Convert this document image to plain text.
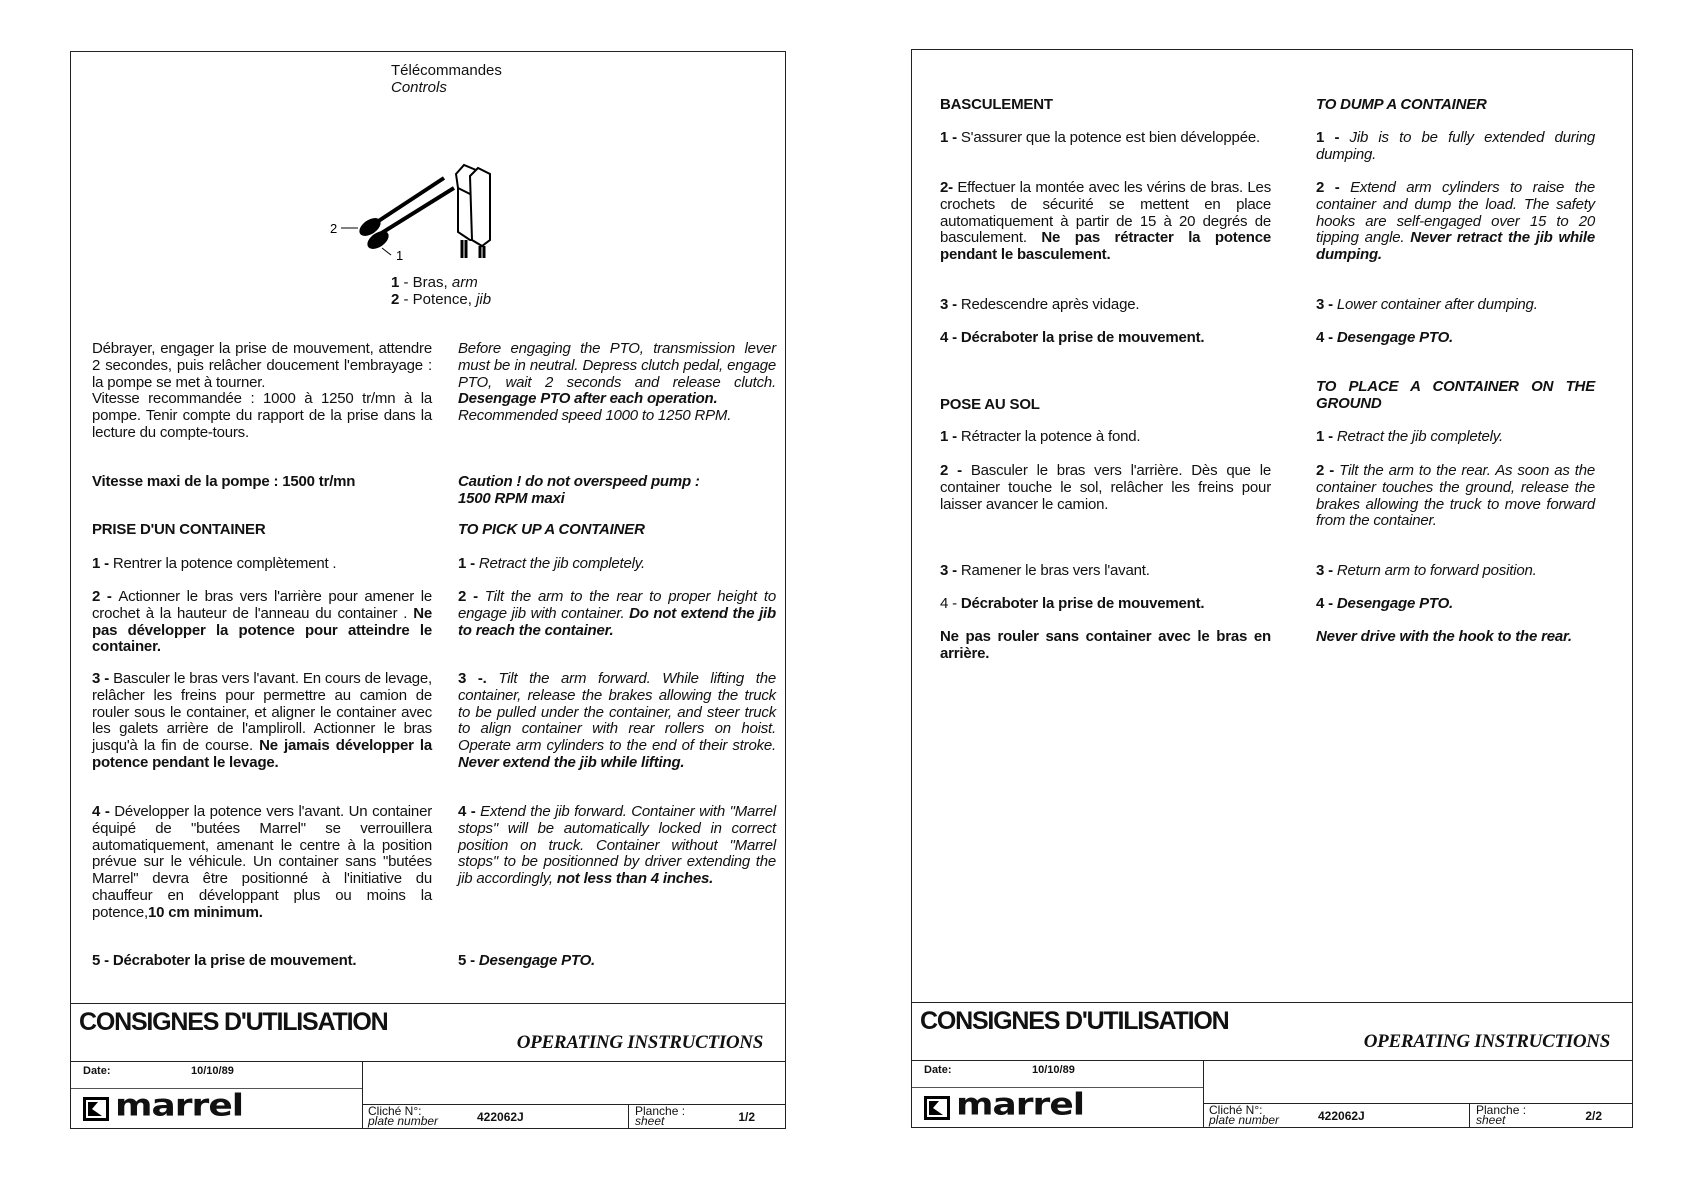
Télécommandes
Controls
1
2
1 - Bras, arm
2 - Potence, jib
Débrayer, engager la prise de mouvement, attendre 2 secondes, puis relâcher doucement l'embrayage : la pompe se met à tourner.
Vitesse recommandée : 1000 à 1250 tr/mn à la pompe. Tenir compte du rapport de la prise dans la lecture du compte-tours.
Before engaging the PTO, transmission lever must be in neutral. Depress clutch pedal, engage PTO, wait 2 seconds and release clutch. Desengage PTO after each operation.
Recommended speed 1000 to 1250 RPM.
Vitesse maxi de la pompe : 1500 tr/mn	Caution ! do not overspeed pump :
1500 RPM maxi
PRISE D'UN CONTAINER	TO PICK UP A CONTAINER
1 - Rentrer la potence complètement .	1 - Retract the jib completely.
2 - Actionner le bras vers l'arrière pour amener le crochet à la hauteur de l'anneau du container . Ne pas développer la potence pour atteindre le container.
2 - Tilt the arm to the rear to proper height to engage jib with container. Do not extend the jib to reach the container.
3 - Basculer le bras vers l'avant. En cours de levage, relâcher les freins pour permettre au camion de rouler sous le container, et aligner le container avec les galets arrière de l'ampliroll. Actionner le bras jusqu'à la fin de course. Ne jamais développer la potence pendant le levage.
3 -. Tilt the arm forward. While lifting the container, release the brakes allowing the truck to be pulled under the container, and steer truck to align container with rear rollers on hoist. Operate arm cylinders to the end of their stroke. Never extend the jib while lifting.
4 - Développer la potence vers l'avant. Un container équipé de "butées Marrel" se verrouillera automatiquement, amenant le centre à la position prévue sur le véhicule. Un container sans "butées Marrel" devra être positionné à l'initiative du chauffeur en développant plus ou moins la potence,10 cm minimum.
4 - Extend the jib forward. Container with "Marrel stops" will be automatically locked in correct position on truck. Container without "Marrel stops" to be positionned by driver extending the jib accordingly, not less than 4 inches.
5 - Décraboter la prise de mouvement.	5 - Desengage PTO.
CONSIGNES D'UTILISATION
OPERATING INSTRUCTIONS
Date:	10/10/89
marrel	Cliché N°:
plate number	422062J	Planche :
sheet	1/2
BASCULEMENT	TO DUMP A CONTAINER
1 - S'assurer que la potence est bien développée.	1 - Jib is to be fully extended during dumping.
2- Effectuer la montée avec les vérins de bras. Les crochets de sécurité se mettent en place automatiquement à partir de 15 à 20 degrés de basculement. Ne pas rétracter la potence pendant le basculement.
2 - Extend arm cylinders to raise the container and dump the load. The safety hooks are self-engaged over 15 to 20 tipping angle. Never retract the jib while dumping.
3 - Redescendre après vidage.	3 - Lower container after dumping.
4 - Décraboter la prise de mouvement.	4 - Desengage PTO.
POSE AU SOL
TO PLACE A CONTAINER ON THE GROUND
1 - Rétracter la potence à fond.	1 - Retract the jib completely.
2 - Basculer le bras vers l'arrière. Dès que le container touche le sol, relâcher les freins pour laisser avancer le camion.
2 - Tilt the arm to the rear. As soon as the container touches the ground, release the brakes allowing the truck to move forward from the container.
3 - Ramener le bras vers l'avant.	3 - Return arm to forward position.
4 - Décraboter la prise de mouvement.	4 - Desengage PTO.
Ne pas rouler sans container avec le bras en arrière.
Never drive with the hook to the rear.
CONSIGNES D'UTILISATION
OPERATING INSTRUCTIONS
Date:	10/10/89
marrel	Cliché N°:
plate number	422062J	Planche :
sheet	2/2
